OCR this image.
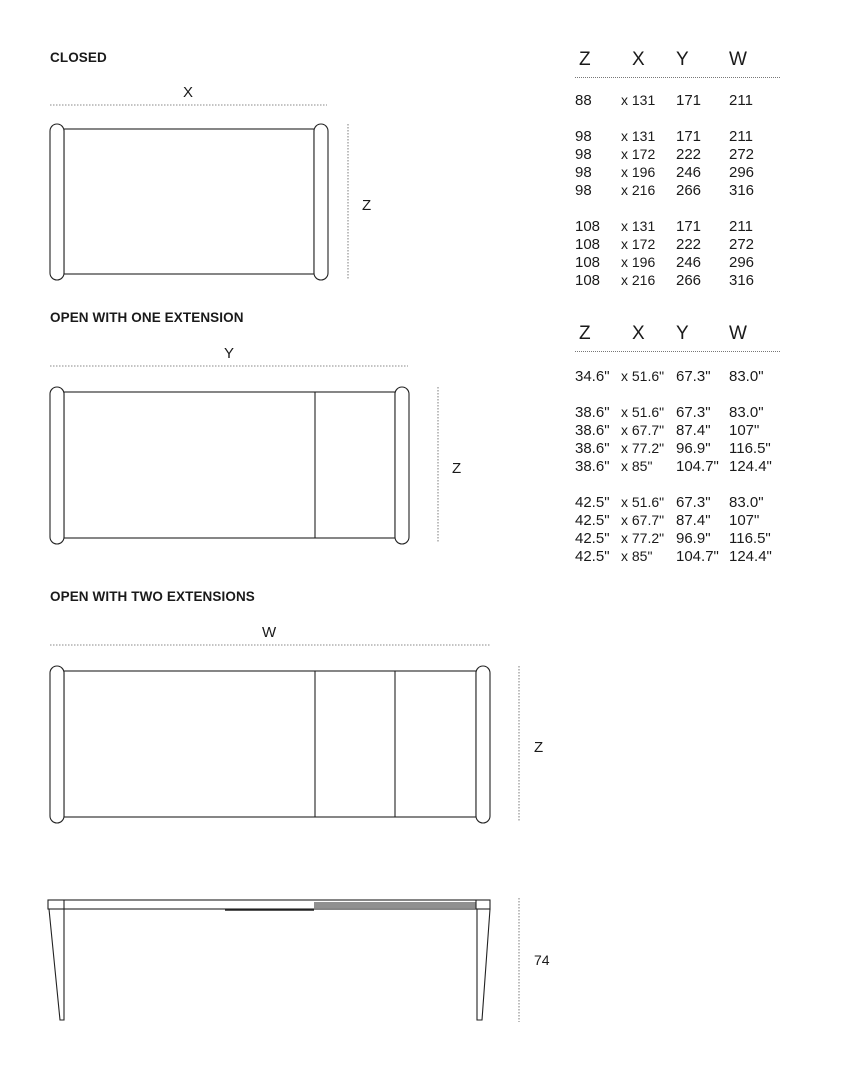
CLOSED
OPEN WITH ONE EXTENSION
OPEN WITH TWO EXTENSIONS
X
Z
Y
Z
W
Z
74
Z X Y W
88 x 131 171 211
98 x 131 171 211
98 x 172 222 272
98 x 196 246 296
98 x 216 266 316
108 x 131 171 211
108 x 172 222 272
108 x 196 246 296
108 x 216 266 316
Z X Y W
34.6" x 51.6" 67.3" 83.0"
38.6" x 51.6" 67.3" 83.0"
38.6" x 67.7" 87.4" 107"
38.6" x 77.2" 96.9" 116.5"
38.6" x 85" 104.7" 124.4"
42.5" x 51.6" 67.3" 83.0"
42.5" x 67.7" 87.4" 107"
42.5" x 77.2" 96.9" 116.5"
42.5" x 85" 104.7" 124.4"
